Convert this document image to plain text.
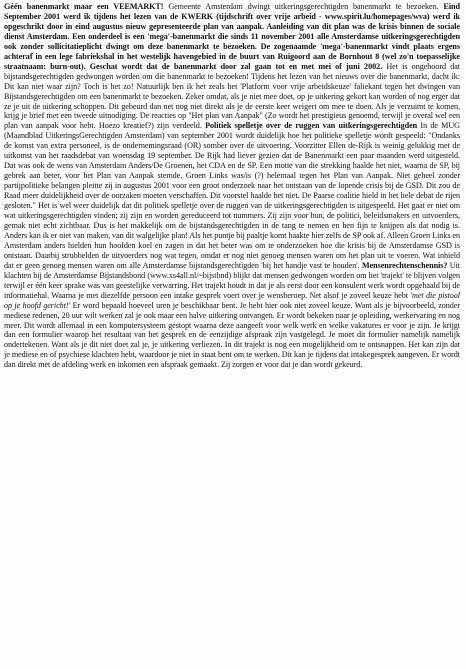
Géén banenmarkt maar een VEEMARKT! Gemeente Amsterdam dwingt uitkeringsgerechtigden banenmarkt te bezoeken. Eind September 2001 werd ik tijdens het lezen van de KWERK (tijdschrift over vrije arbeid - www.spirit.lu/homepages/wva) werd ik opgeschrikt door in eind augustus nieuw gepresenteerde plan van aanpak. Aanleiding van dit plan was de krisis binnen de sociale dienst Amsterdam. Een onderdeel is een 'mega'-banenmarkt die sinds 11 november 2001 alle Amsterdamse uitkeringsgerechtigden ook zonder sollicitatieplicht dwingt om deze banenmarkt te bezoeken. De zogenaamde 'mega'-banenmarkt vindt plaats ergens achteraf in een lege fabriekshal in het westelijk havengebied in de buurt van Ruigoord aan de Bornhout 8 (wel zo'n toepasselijke straatnaam: burn-out). Geschat wordt dat de banenmarkt door zal gaan tot en met mei of juni 2002. Het is ongehoord dat bijstandsgerechtigden gedwongen worden om die banenmarkt te bezoeken! Tijdens het lezen van het nieuws over die banenmarkt, dacht ik: Dit kan niet waar zijn? Toch is het zo! Natuurlijk ben ik het zeals het 'Platform voor vrije arbeidskeuze' faliekant tegen het dwingen van Bijstandsgerechtigden om een banenmarkt te bezoeken. Zeker omdat, als je niet mee doet, op je uitkering gekort kan worden of nog erger dat ze je uit de uitkering schoppen. Dit gebeurd dan net nog niet direkt als je de eerste keer weigert om mee te doen. Als je verzuimt te komen, krijg je brief met een tweede uitnodiging. De reacties op "Het plan van Aanpak" (Zo wordt het prestigieus genoemd, terwijl je overal wel een plan van aanpak voor hebt. Hoezo kreatief?) zijn verdeeld. Politiek spelletje over de ruggen van uitkeringsgerechtigden In de MUG (Maandblad UitkeringsGerechtigden Amsterdam) van september 2001 wordt duidelijk hoe het politieke spelletje wordt gespeeld: "Ondanks de komst van extra personeel, is de ondernemingsraad (OR) somber over de uitvoering. Voorzitter Ellen de-Rijk is weinig gelukkig met de uitkomst van het raadsdebat van woensdag 19 september. De Rijk had liever gezien dat de Banenmarkt een paar maanden werd uitgesteld. Dat was ook de wens van Amsterdam Anders/De Groenen, het CDA en de SP. Een motie van die strekking haalde het niet, waarna de SP, bij gebrek aan beter, voor het Plan van Aanpak stemde. Groen Links was/is (?) helemaal tegen het Plan van Aanpak. Niet geheel zonder partijpolitieke belangen pleitte zij in augustus 2001 voor een groot onderzoek naar het ontstaan van de lopende crisis bij de GSD. Dit zou de Raad meer duidelijkheid over de oorzaken moeten verschaffen. Dit voorstel haalde het niet. De Paarse coalitie hield in het hele debat de rijen gesloten." Het is wel weer duidelijk dat dit politiek spelletje over de ruggen van de uitkeringsgerechtigden is uitgespeeld. Het gaat er niet om wat uitkeringsgerechtigden vinden; zij zijn en worden gereduceerd tot nummers. Zij zijn voor hun, de politici, beleidsmakers en uitvoerders, gemak niet echt zichtbaar. Dus is het makkelijk om de bijstandsgerechtigden in de tang te nemen en hen fijn te knijpen als dat nodig is. Anders kan ik er niet van maken, van dit walgelijke plan! Als het puntje bij paaltje komt haakte hier zelfs de SP ook af. Alleen Groen Links en Amsterdam anders hielden hun hoofden koel en zagen in dat het beter was om te onderzoeken hoe die krisis bij de Amsterdamse GSD is ontstaan. Daarbij strubbelden de uitvoerders nog wat tegen, omdat er nog niet genoeg mensen waren om het plan uit te voeren. Wat inhield dat er geen genoeg mensen waren om alle Amsterdamse bijstandsgerechtigden 'bij het handje vast te houden'. Mensenrechtenschennis? Uit klachten bij de Amsterdamse Bijstandsbond (www.xs4all.nl/~bijstbnd) blijkt dat mensen gedwongen worden om het 'trajekt' te blijven volgen terwijl er één keer sprake was van geestelijke verwarring. Het trajekt houdt in dat je als eerst door een konsulent werk wordt opgehaald bij de informatiehal. Waarna je met diezelfde persoon een intake gesprek voert over je wensberoep. Net alsof je zoveel keuze hebt 'met die pistool op je hoofd gericht!' Er word bepaald hoeveel uren je beschikbaar bent. Je hebt hier ook niet zoveel keuze. Want als je bijvoorbeeld, zonder mediese redenen, 20 uur wilt werken zal je ook maar een halve uitkering ontvangen. Er wordt bekeken naar je opleiding, werkervaring en nog meer. Dit wordt allemaal in een komputersysteem gestopt waarna deze aangeeft voor welk werk en welke vakatures er voor je zijn. Je krijgt dan een formulier waarop het resultaat van het gesprek en de eenzijdige afspraak zijn vastgelegd. Je moet dit formulier namelijk namelijk ondertekenen. Want als je dit niet doet zal je, je uitkering verliezen. In dit trajekt is nog een mogelijkheid om te ontsnappen. Het kan zijn dat je mediese en of psychiese klachten hebt, waardoor je niet in staat bent om te werken. Dit kan je tijdens dat intakegesprek aangeven. Er wordt dan direkt met de afdeling werk en inkomen een afspraak gemaakt. Zij zorgen er voor dat je dan wordt gekeurd.
